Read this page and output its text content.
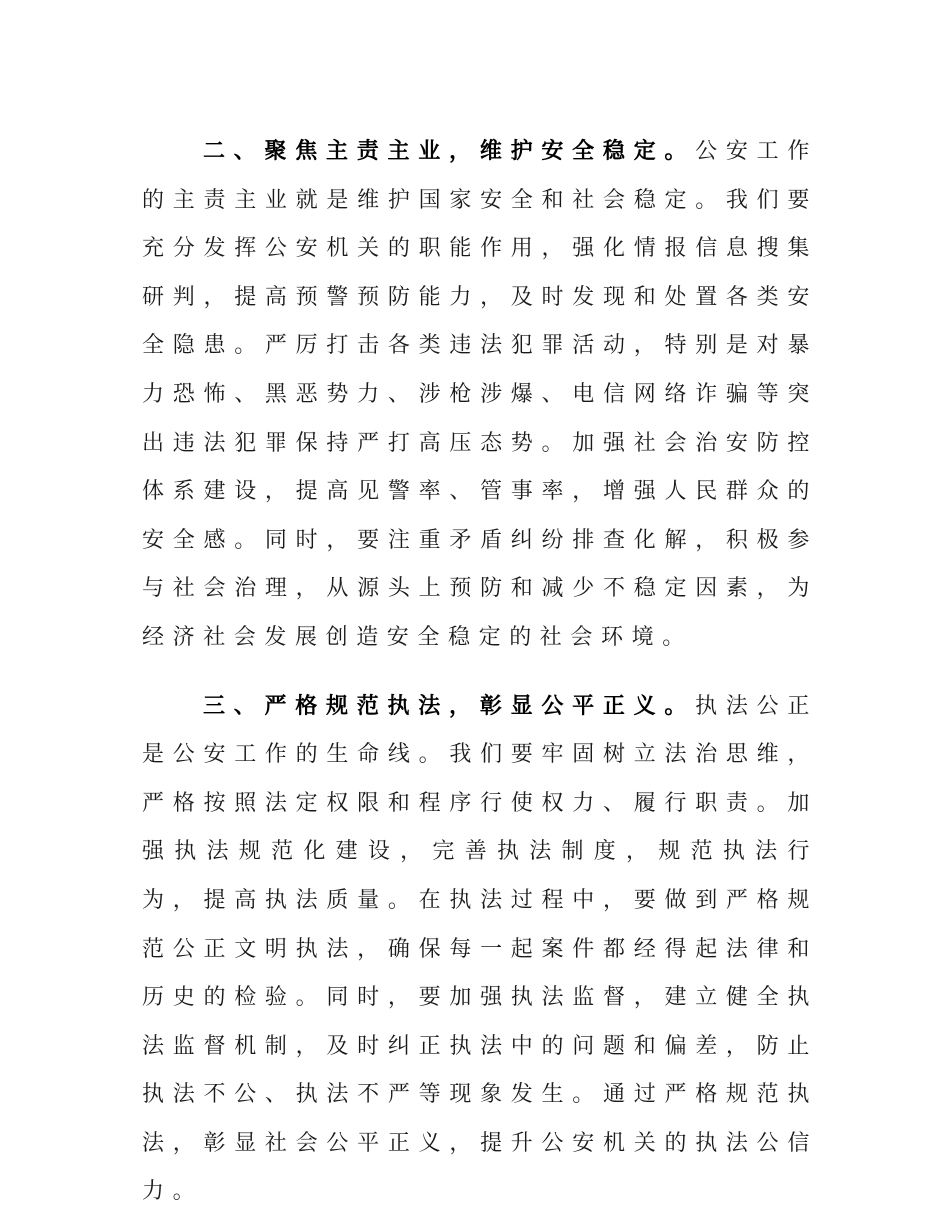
二、聚焦主责主业，维护安全稳定。公安工作的主责主业就是维护国家安全和社会稳定。我们要充分发挥公安机关的职能作用，强化情报信息搜集研判，提高预警预防能力，及时发现和处置各类安全隐患。严厉打击各类违法犯罪活动，特别是对暴力恐怖、黑恶势力、涉枪涉爆、电信网络诈骗等突出违法犯罪保持严打高压态势。加强社会治安防控体系建设，提高见警率、管事率，增强人民群众的安全感。同时，要注重矛盾纠纷排查化解，积极参与社会治理，从源头上预防和减少不稳定因素，为经济社会发展创造安全稳定的社会环境。

三、严格规范执法，彰显公平正义。执法公正是公安工作的生命线。我们要牢固树立法治思维，严格按照法定权限和程序行使权力、履行职责。加强执法规范化建设，完善执法制度，规范执法行为，提高执法质量。在执法过程中，要做到严格规范公正文明执法，确保每一起案件都经得起法律和历史的检验。同时，要加强执法监督，建立健全执法监督机制，及时纠正执法中的问题和偏差，防止执法不公、执法不严等现象发生。通过严格规范执法，彰显社会公平正义，提升公安机关的执法公信力。
